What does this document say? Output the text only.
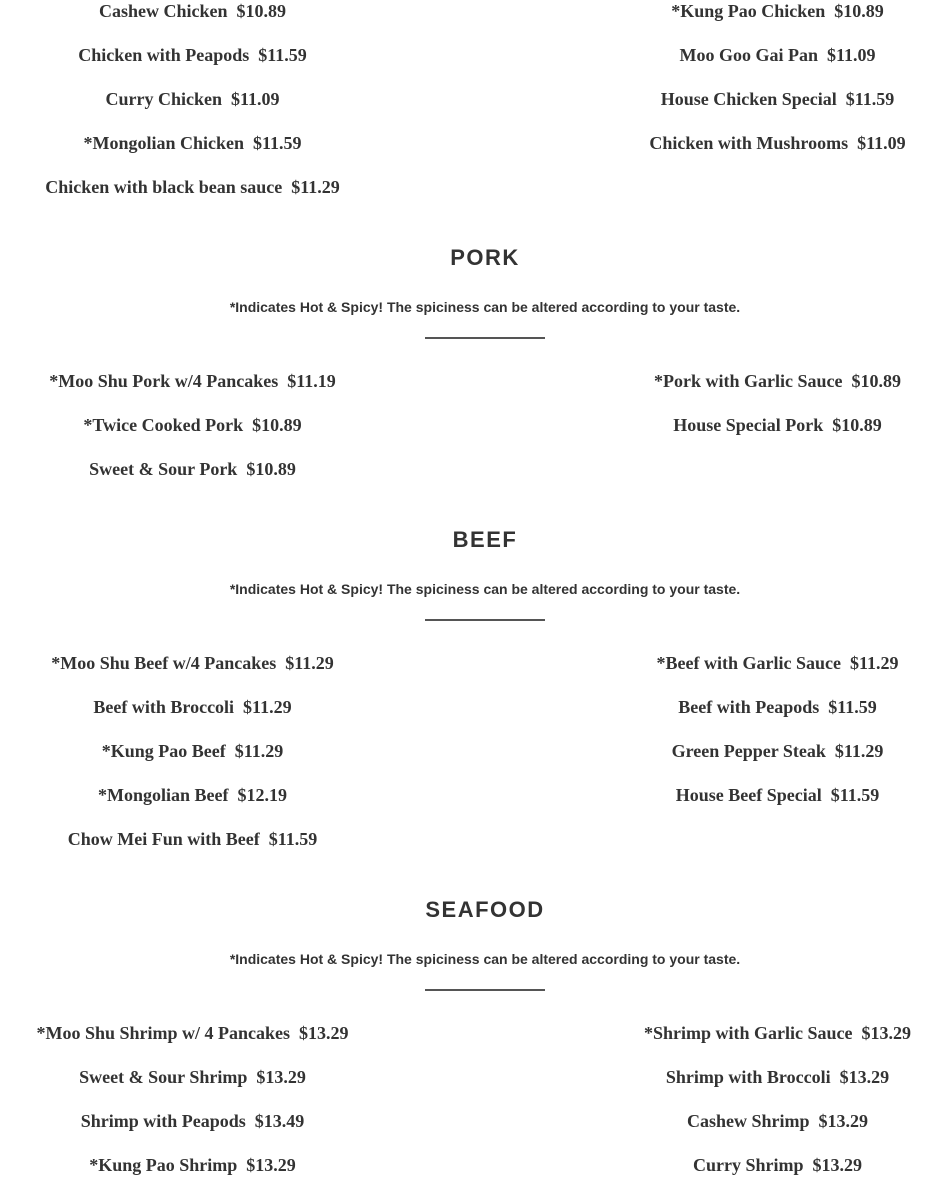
Cashew Chicken  $10.89

Chicken with Peapods  $11.59

Curry Chicken  $11.09

*Mongolian Chicken  $11.59

Chicken with black bean sauce  $11.29

*Kung Pao Chicken  $10.89

Moo Goo Gai Pan  $11.09

House Chicken Special  $11.59

Chicken with Mushrooms  $11.09

PORK
*Indicates Hot & Spicy! The spiciness can be altered according to your taste.

*Moo Shu Pork w/4 Pancakes  $11.19

*Twice Cooked Pork  $10.89

Sweet & Sour Pork  $10.89

*Pork with Garlic Sauce  $10.89

House Special Pork  $10.89

BEEF
*Indicates Hot & Spicy! The spiciness can be altered according to your taste.

*Moo Shu Beef w/4 Pancakes  $11.29

Beef with Broccoli  $11.29

*Kung Pao Beef  $11.29

*Mongolian Beef  $12.19

Chow Mei Fun with Beef  $11.59

*Beef with Garlic Sauce  $11.29

Beef with Peapods  $11.59

Green Pepper Steak  $11.29

House Beef Special  $11.59

SEAFOOD
*Indicates Hot & Spicy! The spiciness can be altered according to your taste.

*Moo Shu Shrimp w/ 4 Pancakes  $13.29

Sweet & Sour Shrimp  $13.29

Shrimp with Peapods  $13.49

*Kung Pao Shrimp  $13.29

*Shrimp with Garlic Sauce  $13.29

Shrimp with Broccoli  $13.29

Cashew Shrimp  $13.29

Curry Shrimp  $13.29
